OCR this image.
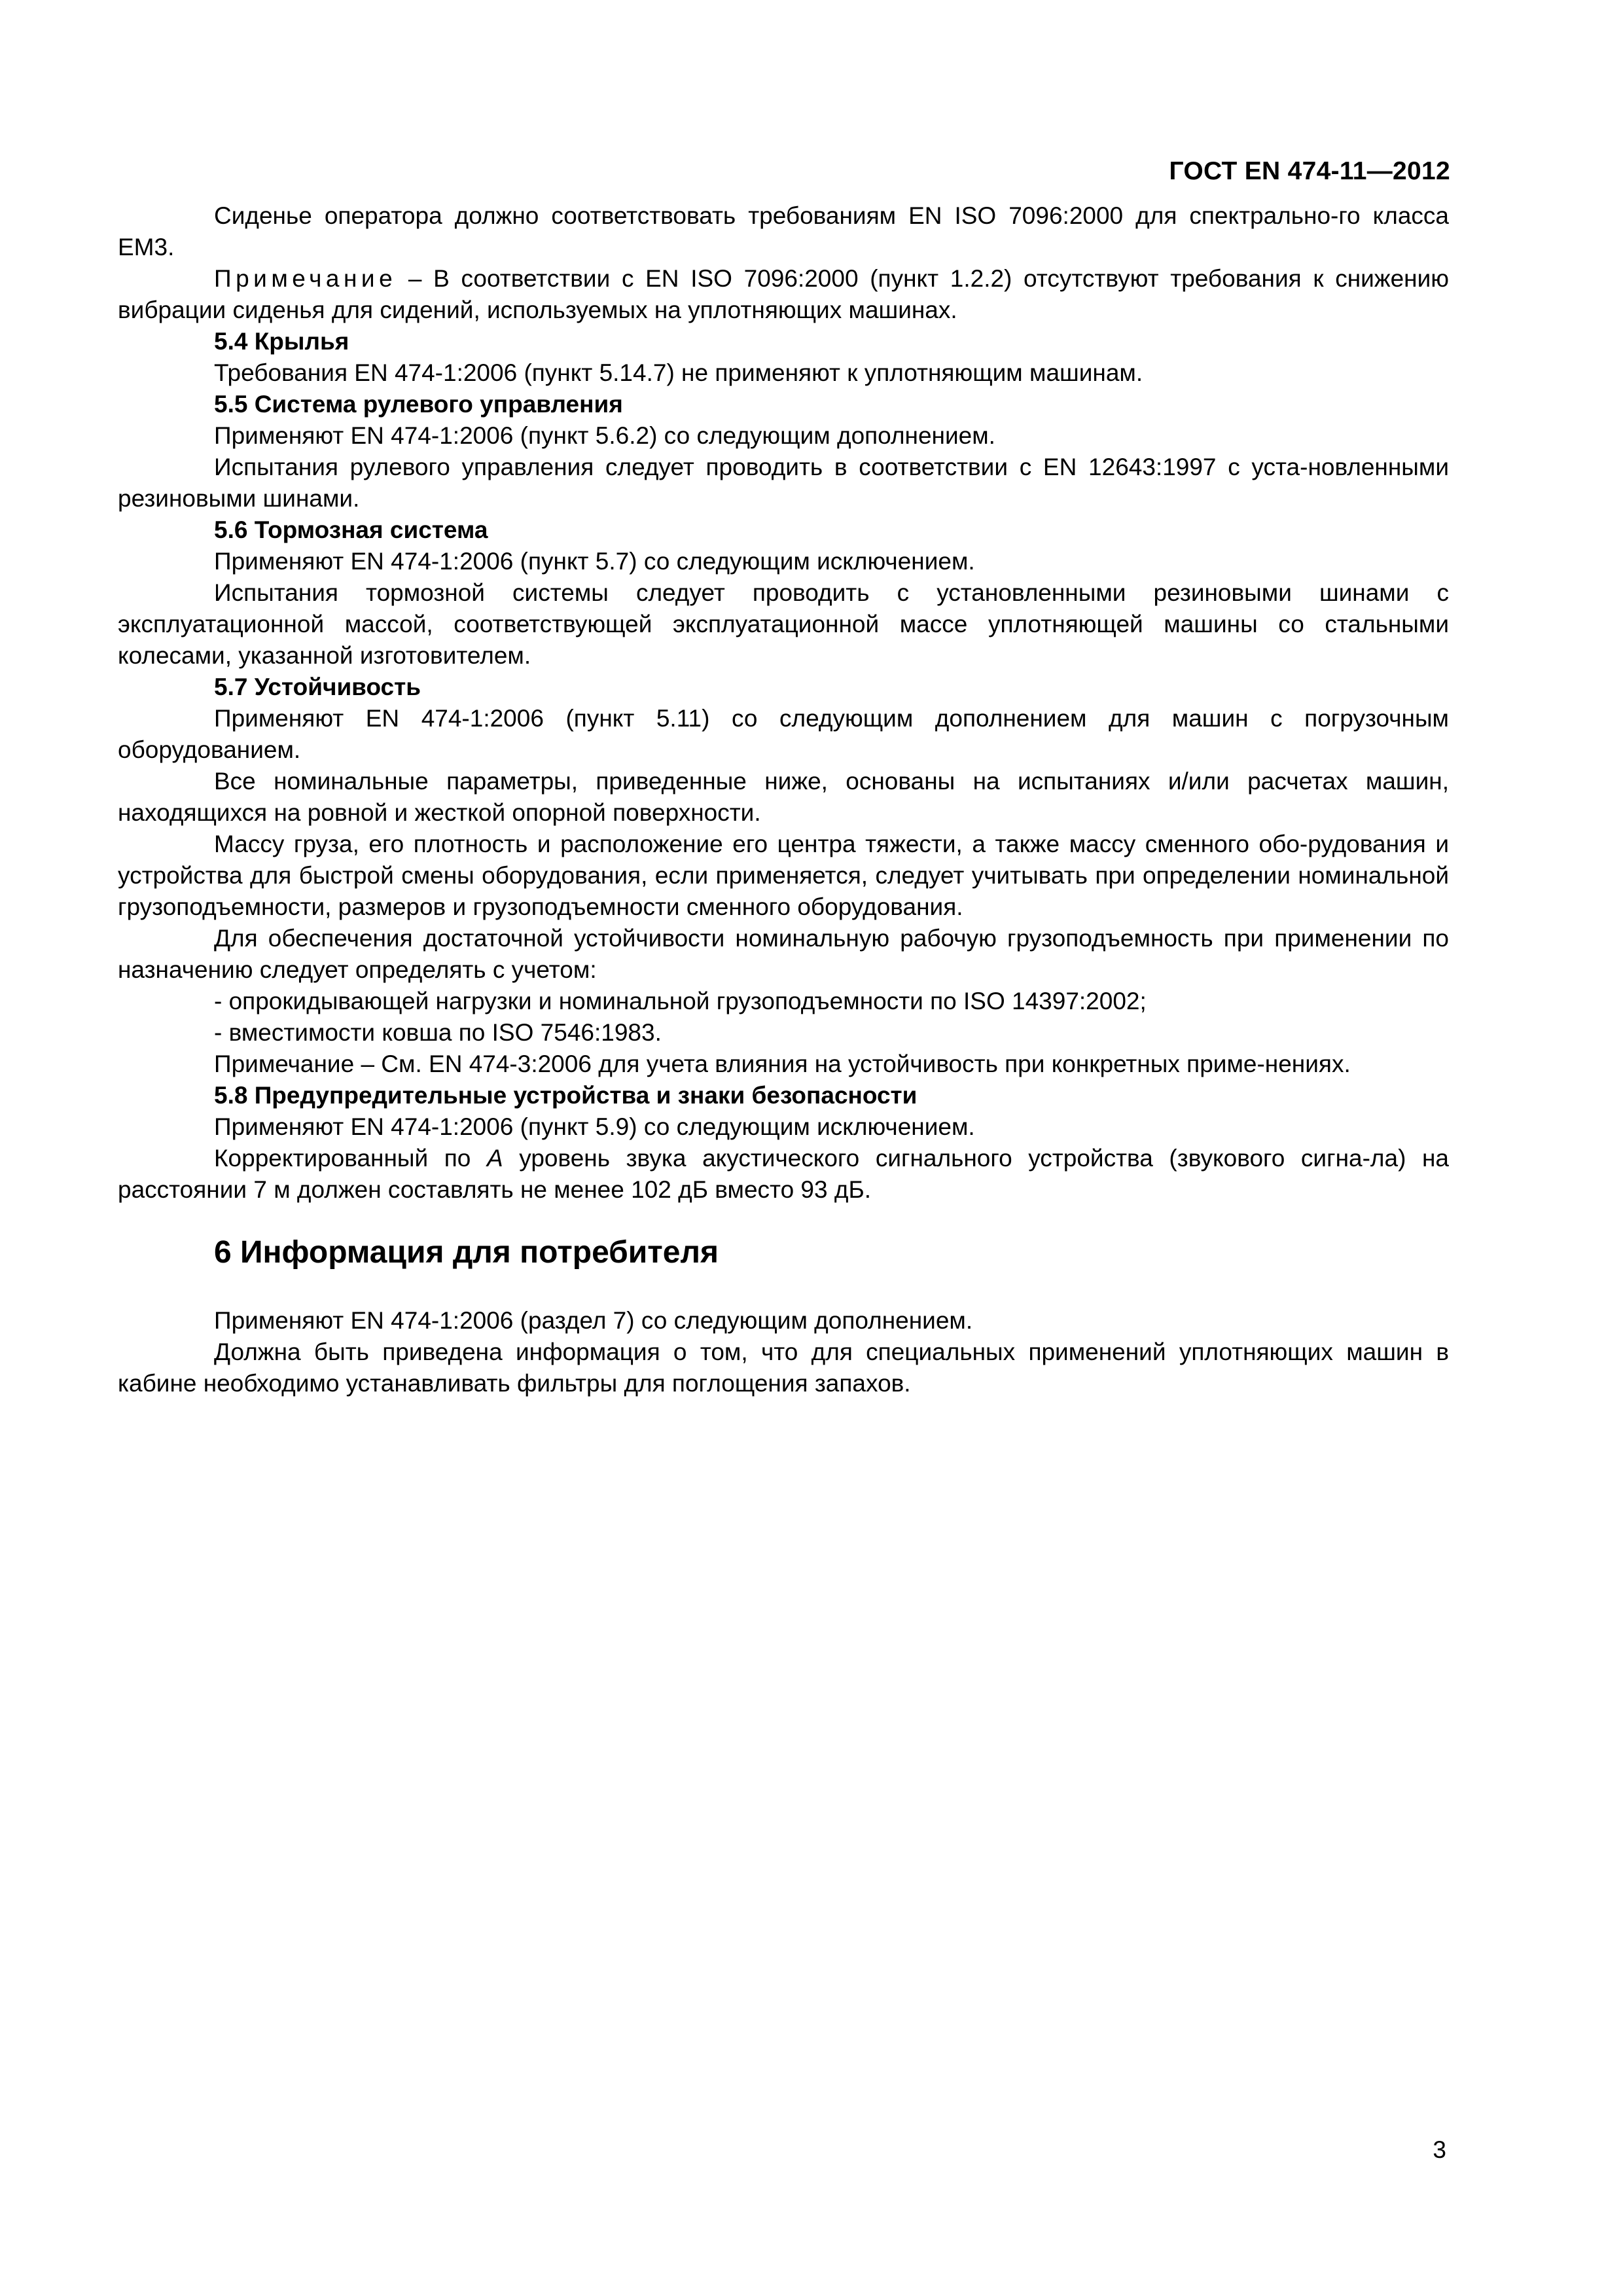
ГОСТ EN 474-11—2012

Сиденье оператора должно соответствовать требованиям EN ISO 7096:2000 для спектрально-го класса EM3.

Примечание – В соответствии с EN ISO 7096:2000 (пункт 1.2.2) отсутствуют требования к снижению вибрации сиденья для сидений, используемых на уплотняющих машинах.

5.4 Крылья

Требования EN 474-1:2006 (пункт 5.14.7) не применяют к уплотняющим машинам.

5.5 Система рулевого управления

Применяют EN 474-1:2006 (пункт 5.6.2) со следующим дополнением.

Испытания рулевого управления следует проводить в соответствии с EN 12643:1997 с уста-новленными резиновыми шинами.

5.6 Тормозная система

Применяют EN 474-1:2006 (пункт 5.7) со следующим исключением.

Испытания тормозной системы следует проводить с установленными резиновыми шинами с эксплуатационной массой, соответствующей эксплуатационной массе уплотняющей машины со стальными колесами, указанной изготовителем.

5.7 Устойчивость

Применяют EN 474-1:2006 (пункт 5.11) со следующим дополнением для машин с погрузочным оборудованием.

Все номинальные параметры, приведенные ниже, основаны на испытаниях и/или расчетах машин, находящихся на ровной и жесткой опорной поверхности.

Массу груза, его плотность и расположение его центра тяжести, а также массу сменного обо-рудования и устройства для быстрой смены оборудования, если применяется, следует учитывать при определении номинальной грузоподъемности, размеров и грузоподъемности сменного оборудования.

Для обеспечения достаточной устойчивости номинальную рабочую грузоподъемность при применении по назначению следует определять с учетом:

- опрокидывающей нагрузки и номинальной грузоподъемности по ISO 14397:2002;

- вместимости ковша по ISO 7546:1983.

Примечание – См. EN 474-3:2006 для учета влияния на устойчивость при конкретных приме-нениях.

5.8 Предупредительные устройства и знаки безопасности

Применяют EN 474-1:2006 (пункт 5.9) со следующим исключением.

Корректированный по А уровень звука акустического сигнального устройства (звукового сигна-ла) на расстоянии 7 м должен составлять не менее 102 дБ вместо 93 дБ.

6 Информация для потребителя

Применяют EN 474-1:2006 (раздел 7) со следующим дополнением.

Должна быть приведена информация о том, что для специальных применений уплотняющих машин в кабине необходимо устанавливать фильтры для поглощения запахов.

3
